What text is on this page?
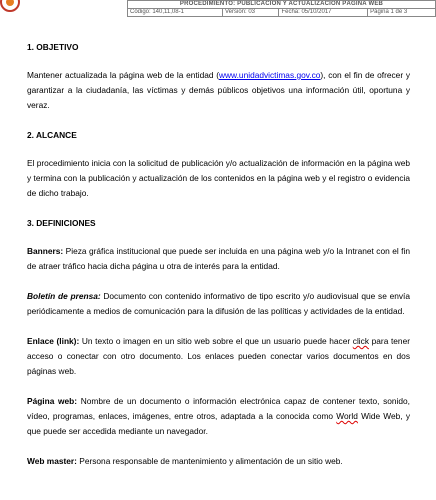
PROCEDIMIENTO: PUBLICACIÓN Y ACTUALIZACIÓN PÁGINA WEB
Código: 140,11,08-1	Versión: 03	Fecha: 05/10/2017	Página 1 de 3

1. OBJETIVO

Mantener actualizada la página web de la entidad (www.unidadvictimas.gov.co), con el fin de ofrecer y garantizar a la ciudadanía, las víctimas y demás públicos objetivos una información útil, oportuna y veraz.

2. ALCANCE

El procedimiento inicia con la solicitud de publicación y/o actualización de información en la página web y termina con la publicación y actualización de los contenidos en la página web y el registro o evidencia de dicho trabajo.

3. DEFINICIONES

Banners: Pieza gráfica institucional que puede ser incluida en una página web y/o la Intranet con el fin de atraer tráfico hacia dicha página u otra de interés para la entidad.

Boletín de prensa: Documento con contenido informativo de tipo escrito y/o audiovisual que se envía periódicamente a medios de comunicación para la difusión de las políticas y actividades de la entidad.

Enlace (link): Un texto o imagen en un sitio web sobre el que un usuario puede hacer click para tener acceso o conectar con otro documento. Los enlaces pueden conectar varios documentos en dos páginas web.

Página web: Nombre de un documento o información electrónica capaz de contener texto, sonido, vídeo, programas, enlaces, imágenes, entre otros, adaptada a la conocida como World Wide Web, y que puede ser accedida mediante un navegador.

Web master: Persona responsable de mantenimiento y alimentación de un sitio web.
